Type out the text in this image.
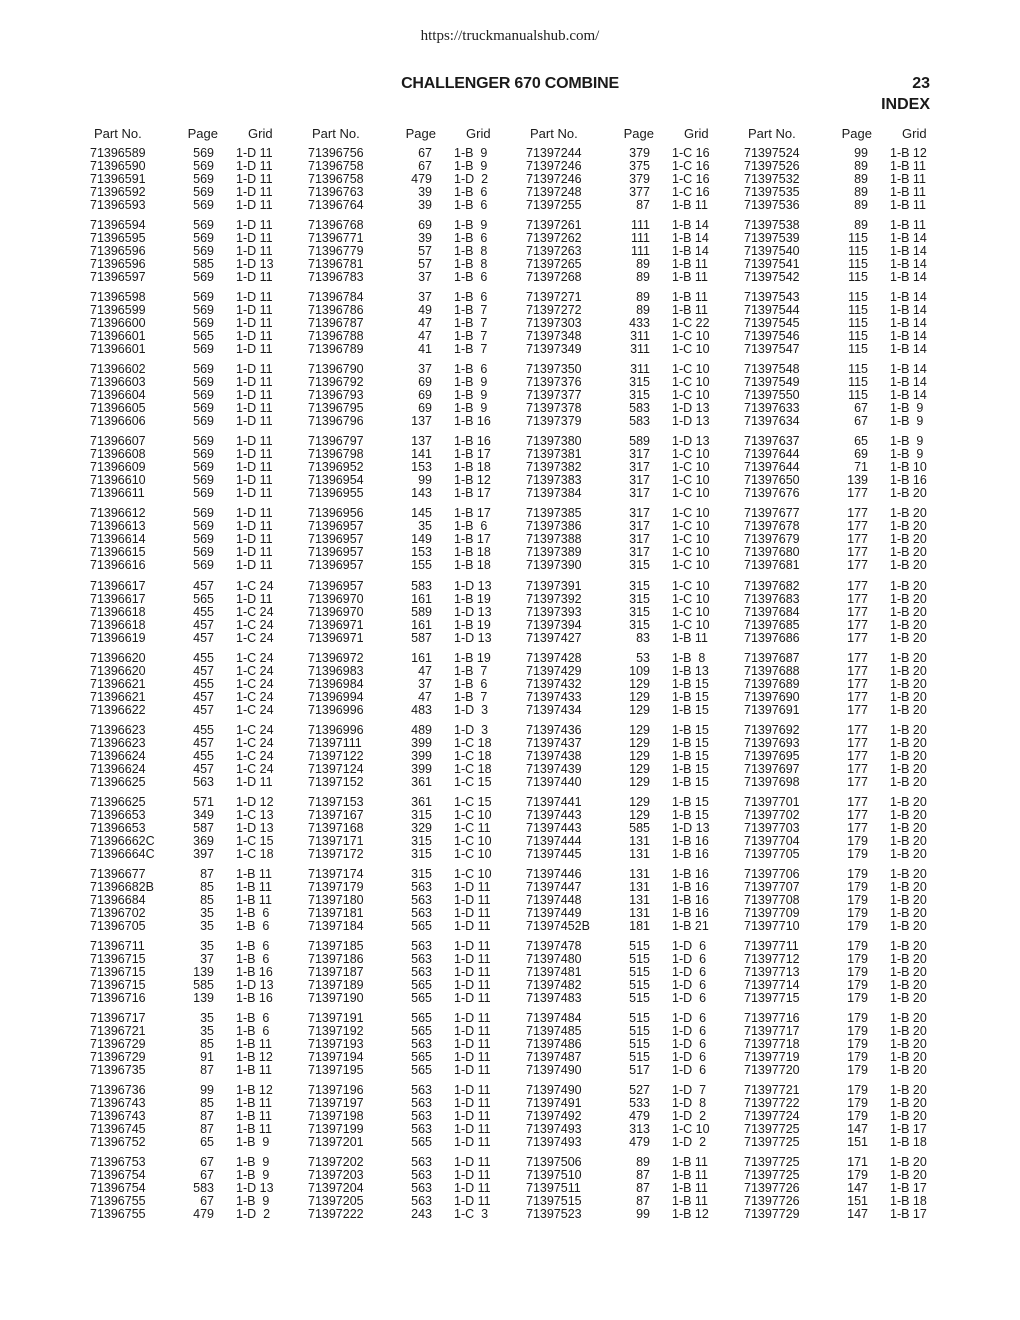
https://truckmanualshub.com/
CHALLENGER 670 COMBINE	23
INDEX
Part No.	Page	Grid
71396589	569	1-D 11
71396590	569	1-D 11
71396591	569	1-D 11
71396592	569	1-D 11
71396593	569	1-D 11
71396594	569	1-D 11
71396595	569	1-D 11
71396596	569	1-D 11
71396596	585	1-D 13
71396597	569	1-D 11
71396598	569	1-D 11
71396599	569	1-D 11
71396600	569	1-D 11
71396601	565	1-D 11
71396601	569	1-D 11
71396602	569	1-D 11
71396603	569	1-D 11
71396604	569	1-D 11
71396605	569	1-D 11
71396606	569	1-D 11
71396607	569	1-D 11
71396608	569	1-D 11
71396609	569	1-D 11
71396610	569	1-D 11
71396611	569	1-D 11
71396612	569	1-D 11
71396613	569	1-D 11
71396614	569	1-D 11
71396615	569	1-D 11
71396616	569	1-D 11
71396617	457	1-C 24
71396617	565	1-D 11
71396618	455	1-C 24
71396618	457	1-C 24
71396619	457	1-C 24
71396620	455	1-C 24
71396620	457	1-C 24
71396621	455	1-C 24
71396621	457	1-C 24
71396622	457	1-C 24
71396623	455	1-C 24
71396623	457	1-C 24
71396624	455	1-C 24
71396624	457	1-C 24
71396625	563	1-D 11
71396625	571	1-D 12
71396653	349	1-C 13
71396653	587	1-D 13
71396662C	369	1-C 15
71396664C	397	1-C 18
71396677	87	1-B 11
71396682B	85	1-B 11
71396684	85	1-B 11
71396702	35	1-B  6
71396705	35	1-B  6
71396711	35	1-B  6
71396715	37	1-B  6
71396715	139	1-B 16
71396715	585	1-D 13
71396716	139	1-B 16
71396717	35	1-B  6
71396721	35	1-B  6
71396729	85	1-B 11
71396729	91	1-B 12
71396735	87	1-B 11
71396736	99	1-B 12
71396743	85	1-B 11
71396743	87	1-B 11
71396745	87	1-B 11
71396752	65	1-B  9
71396753	67	1-B  9
71396754	67	1-B  9
71396754	583	1-D 13
71396755	67	1-B  9
71396755	479	1-D  2
Part No.	Page	Grid
71396756	67	1-B  9
71396758	67	1-B  9
71396758	479	1-D  2
71396763	39	1-B  6
71396764	39	1-B  6
71396768	69	1-B  9
71396771	39	1-B  6
71396779	57	1-B  8
71396781	57	1-B  8
71396783	37	1-B  6
71396784	37	1-B  6
71396786	49	1-B  7
71396787	47	1-B  7
71396788	47	1-B  7
71396789	41	1-B  7
71396790	37	1-B  6
71396792	69	1-B  9
71396793	69	1-B  9
71396795	69	1-B  9
71396796	137	1-B 16
71396797	137	1-B 16
71396798	141	1-B 17
71396952	153	1-B 18
71396954	99	1-B 12
71396955	143	1-B 17
71396956	145	1-B 17
71396957	35	1-B  6
71396957	149	1-B 17
71396957	153	1-B 18
71396957	155	1-B 18
71396957	583	1-D 13
71396970	161	1-B 19
71396970	589	1-D 13
71396971	161	1-B 19
71396971	587	1-D 13
71396972	161	1-B 19
71396983	47	1-B  7
71396984	37	1-B  6
71396994	47	1-B  7
71396996	483	1-D  3
71396996	489	1-D  3
71397111	399	1-C 18
71397122	399	1-C 18
71397124	399	1-C 18
71397152	361	1-C 15
71397153	361	1-C 15
71397167	315	1-C 10
71397168	329	1-C 11
71397171	315	1-C 10
71397172	315	1-C 10
71397174	315	1-C 10
71397179	563	1-D 11
71397180	563	1-D 11
71397181	563	1-D 11
71397184	565	1-D 11
71397185	563	1-D 11
71397186	563	1-D 11
71397187	563	1-D 11
71397189	565	1-D 11
71397190	565	1-D 11
71397191	565	1-D 11
71397192	565	1-D 11
71397193	563	1-D 11
71397194	565	1-D 11
71397195	565	1-D 11
71397196	563	1-D 11
71397197	563	1-D 11
71397198	563	1-D 11
71397199	563	1-D 11
71397201	565	1-D 11
71397202	563	1-D 11
71397203	563	1-D 11
71397204	563	1-D 11
71397205	563	1-D 11
71397222	243	1-C  3
Part No.	Page	Grid
71397244	379	1-C 16
71397246	375	1-C 16
71397246	379	1-C 16
71397248	377	1-C 16
71397255	87	1-B 11
71397261	111	1-B 14
71397262	111	1-B 14
71397263	111	1-B 14
71397265	89	1-B 11
71397268	89	1-B 11
71397271	89	1-B 11
71397272	89	1-B 11
71397303	433	1-C 22
71397348	311	1-C 10
71397349	311	1-C 10
71397350	311	1-C 10
71397376	315	1-C 10
71397377	315	1-C 10
71397378	583	1-D 13
71397379	583	1-D 13
71397380	589	1-D 13
71397381	317	1-C 10
71397382	317	1-C 10
71397383	317	1-C 10
71397384	317	1-C 10
71397385	317	1-C 10
71397386	317	1-C 10
71397388	317	1-C 10
71397389	317	1-C 10
71397390	315	1-C 10
71397391	315	1-C 10
71397392	315	1-C 10
71397393	315	1-C 10
71397394	315	1-C 10
71397427	83	1-B 11
71397428	53	1-B  8
71397429	109	1-B 13
71397432	129	1-B 15
71397433	129	1-B 15
71397434	129	1-B 15
71397436	129	1-B 15
71397437	129	1-B 15
71397438	129	1-B 15
71397439	129	1-B 15
71397440	129	1-B 15
71397441	129	1-B 15
71397443	129	1-B 15
71397443	585	1-D 13
71397444	131	1-B 16
71397445	131	1-B 16
71397446	131	1-B 16
71397447	131	1-B 16
71397448	131	1-B 16
71397449	131	1-B 16
71397452B	181	1-B 21
71397478	515	1-D  6
71397480	515	1-D  6
71397481	515	1-D  6
71397482	515	1-D  6
71397483	515	1-D  6
71397484	515	1-D  6
71397485	515	1-D  6
71397486	515	1-D  6
71397487	515	1-D  6
71397490	517	1-D  6
71397490	527	1-D  7
71397491	533	1-D  8
71397492	479	1-D  2
71397493	313	1-C 10
71397493	479	1-D  2
71397506	89	1-B 11
71397510	87	1-B 11
71397511	87	1-B 11
71397515	87	1-B 11
71397523	99	1-B 12
Part No.	Page	Grid
71397524	99	1-B 12
71397526	89	1-B 11
71397532	89	1-B 11
71397535	89	1-B 11
71397536	89	1-B 11
71397538	89	1-B 11
71397539	115	1-B 14
71397540	115	1-B 14
71397541	115	1-B 14
71397542	115	1-B 14
71397543	115	1-B 14
71397544	115	1-B 14
71397545	115	1-B 14
71397546	115	1-B 14
71397547	115	1-B 14
71397548	115	1-B 14
71397549	115	1-B 14
71397550	115	1-B 14
71397633	67	1-B  9
71397634	67	1-B  9
71397637	65	1-B  9
71397644	69	1-B  9
71397644	71	1-B 10
71397650	139	1-B 16
71397676	177	1-B 20
71397677	177	1-B 20
71397678	177	1-B 20
71397679	177	1-B 20
71397680	177	1-B 20
71397681	177	1-B 20
71397682	177	1-B 20
71397683	177	1-B 20
71397684	177	1-B 20
71397685	177	1-B 20
71397686	177	1-B 20
71397687	177	1-B 20
71397688	177	1-B 20
71397689	177	1-B 20
71397690	177	1-B 20
71397691	177	1-B 20
71397692	177	1-B 20
71397693	177	1-B 20
71397695	177	1-B 20
71397697	177	1-B 20
71397698	177	1-B 20
71397701	177	1-B 20
71397702	177	1-B 20
71397703	177	1-B 20
71397704	179	1-B 20
71397705	179	1-B 20
71397706	179	1-B 20
71397707	179	1-B 20
71397708	179	1-B 20
71397709	179	1-B 20
71397710	179	1-B 20
71397711	179	1-B 20
71397712	179	1-B 20
71397713	179	1-B 20
71397714	179	1-B 20
71397715	179	1-B 20
71397716	179	1-B 20
71397717	179	1-B 20
71397718	179	1-B 20
71397719	179	1-B 20
71397720	179	1-B 20
71397721	179	1-B 20
71397722	179	1-B 20
71397724	179	1-B 20
71397725	147	1-B 17
71397725	151	1-B 18
71397725	171	1-B 20
71397725	179	1-B 20
71397726	147	1-B 17
71397726	151	1-B 18
71397729	147	1-B 17
